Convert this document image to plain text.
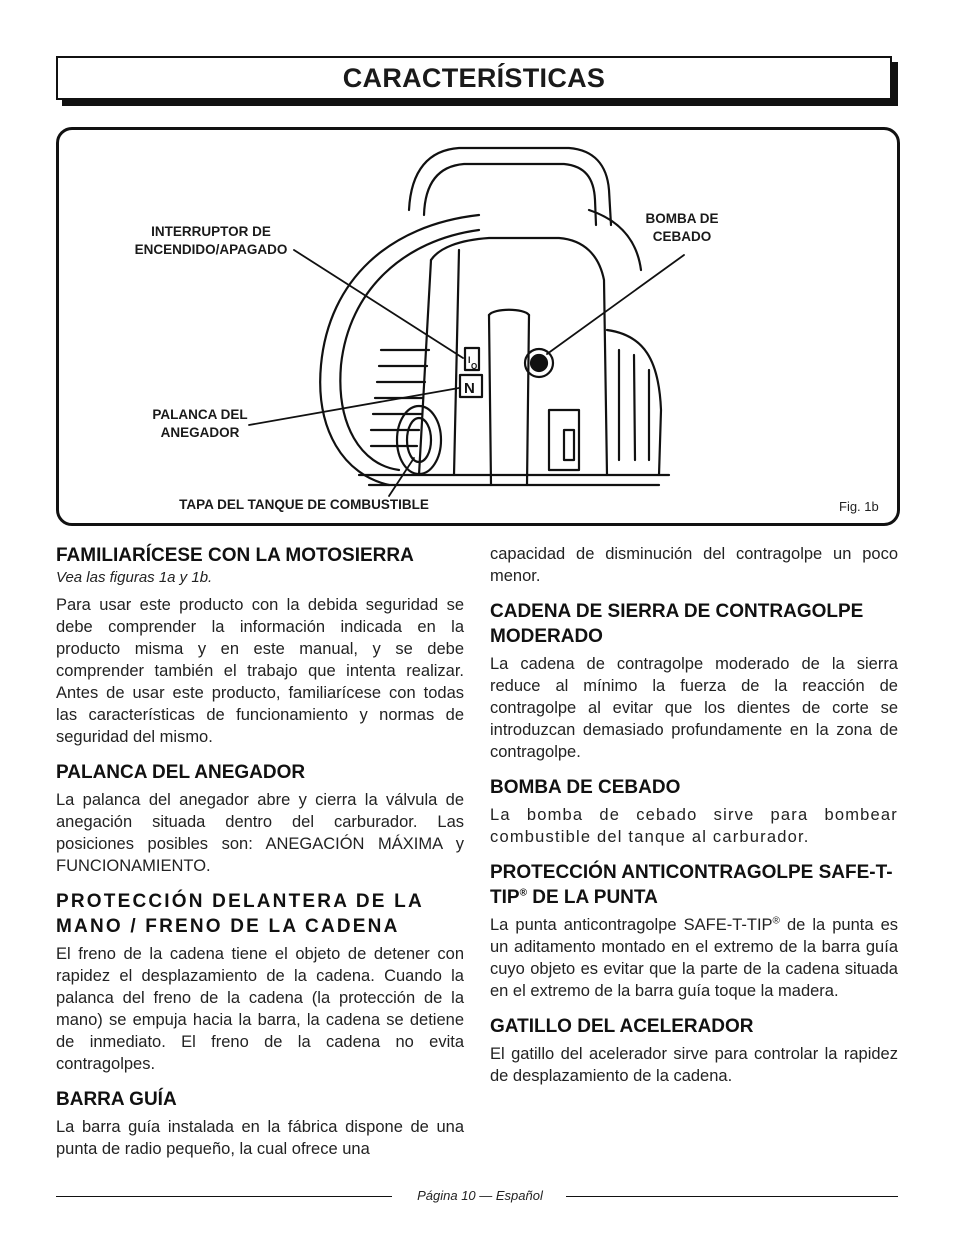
CARACTERÍSTICAS
I
O
N
INTERRUPTOR DE ENCENDIDO/APAGADO
BOMBA DE CEBADO
PALANCA DEL ANEGADOR
TAPA DEL TANQUE DE COMBUSTIBLE	Fig. 1b
FAMILIARÍCESE CON LA MOTOSIERRA

Vea las figuras 1a y 1b.

Para usar este producto con la debida seguridad se debe comprender la información indicada en la producto misma y en este manual, y se debe comprender también el trabajo que intenta realizar. Antes de usar este producto, familiarícese con todas las características de funcionamiento y normas de seguridad del mismo.

PALANCA DEL ANEGADOR

La palanca del anegador abre y cierra la válvula de anegación situada dentro del carburador. Las posiciones posibles son: ANEGACIÓN MÁXIMA y FUNCIONAMIENTO.

PROTECCIÓN DELANTERA DE LA MANO / FRENO DE LA CADENA

El freno de la cadena tiene el objeto de detener con rapidez el desplazamiento de la cadena. Cuando la palanca del freno de la cadena (la protección de la mano) se empuja hacia la barra, la cadena se detiene de inmediato. El freno de la cadena no evita contragolpes.

BARRA GUÍA

La barra guía instalada en la fábrica dispone de una punta de radio pequeño, la cual ofrece una

capacidad de disminución del contragolpe un poco menor.

CADENA DE SIERRA DE CONTRAGOLPE MODERADO

La cadena de contragolpe moderado de la sierra reduce al mínimo la fuerza de la reacción de contragolpe al evitar que los dientes de corte se introduzcan demasiado profundamente en la zona de contragolpe.

BOMBA DE CEBADO

La bomba de cebado sirve para bombear combustible del tanque al carburador.

PROTECCIÓN ANTICONTRAGOLPE SAFE-T-TIP® DE LA PUNTA

La punta anticontragolpe SAFE-T-TIP® de la punta es un aditamento montado en el extremo de la barra guía cuyo objeto es evitar que la parte de la cadena situada en el extremo de la barra guía toque la madera.

GATILLO DEL ACELERADOR

El gatillo del acelerador sirve para controlar la rapidez de desplazamiento de la cadena.

Página 10 — Español
